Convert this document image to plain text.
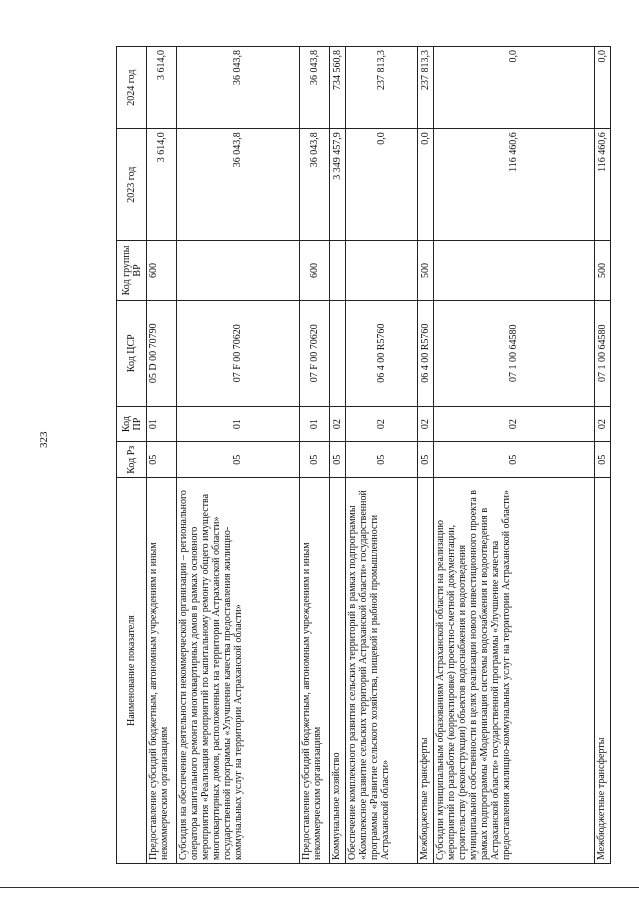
323
Наименование показателя	Код Рз	Код ПР	Код ЦСР	Код группы ВР	2023 год	2024 год
Предоставление субсидий бюджетным, автономным учреждениям и иным некоммерческим организациям	05	01	05 D 00 70790	600	3 614,0	3 614,0
Субсидия на обеспечение деятельности некоммерческой организации – регионального оператора капитального ремонта многоквартирных домов в рамках основного мероприятия «Реализация мероприятий по капитальному ремонту общего имущества многоквартирных домов, расположенных на территории Астраханской области» государственной программы «Улучшение качества предоставления жилищно-коммунальных услуг на территории Астраханской области»	05	01	07 F 00 70620		36 043,8	36 043,8
Предоставление субсидий бюджетным, автономным учреждениям и иным некоммерческим организациям	05	01	07 F 00 70620	600	36 043,8	36 043,8
Коммунальное хозяйство	05	02			3 349 457,9	734 560,8
Обеспечение комплексного развития сельских территорий в рамках подпрограммы «Комплексное развитие сельских территорий Астраханской области» государственной программы «Развитие сельского хозяйства, пищевой и рыбной промышленности Астраханской области»	05	02	06 4 00 R5760		0,0	237 813,3
Межбюджетные трансферты	05	02	06 4 00 R5760	500	0,0	237 813,3
Субсидии муниципальным образованиям Астраханской области на реализацию мероприятий по разработке (корректировке) проектно-сметной документации, строительству (реконструкции) объектов водоснабжения и водоотведения муниципальной собственности в целях реализации нового инвестиционного проекта в рамках подпрограммы «Модернизация системы водоснабжения и водоотведения в Астраханской области» государственной программы «Улучшение качества предоставления жилищно-коммунальных услуг на территории Астраханской области»	05	02	07 1 00 64580		116 460,6	0,0
Межбюджетные трансферты	05	02	07 1 00 64580	500	116 460,6	0,0
